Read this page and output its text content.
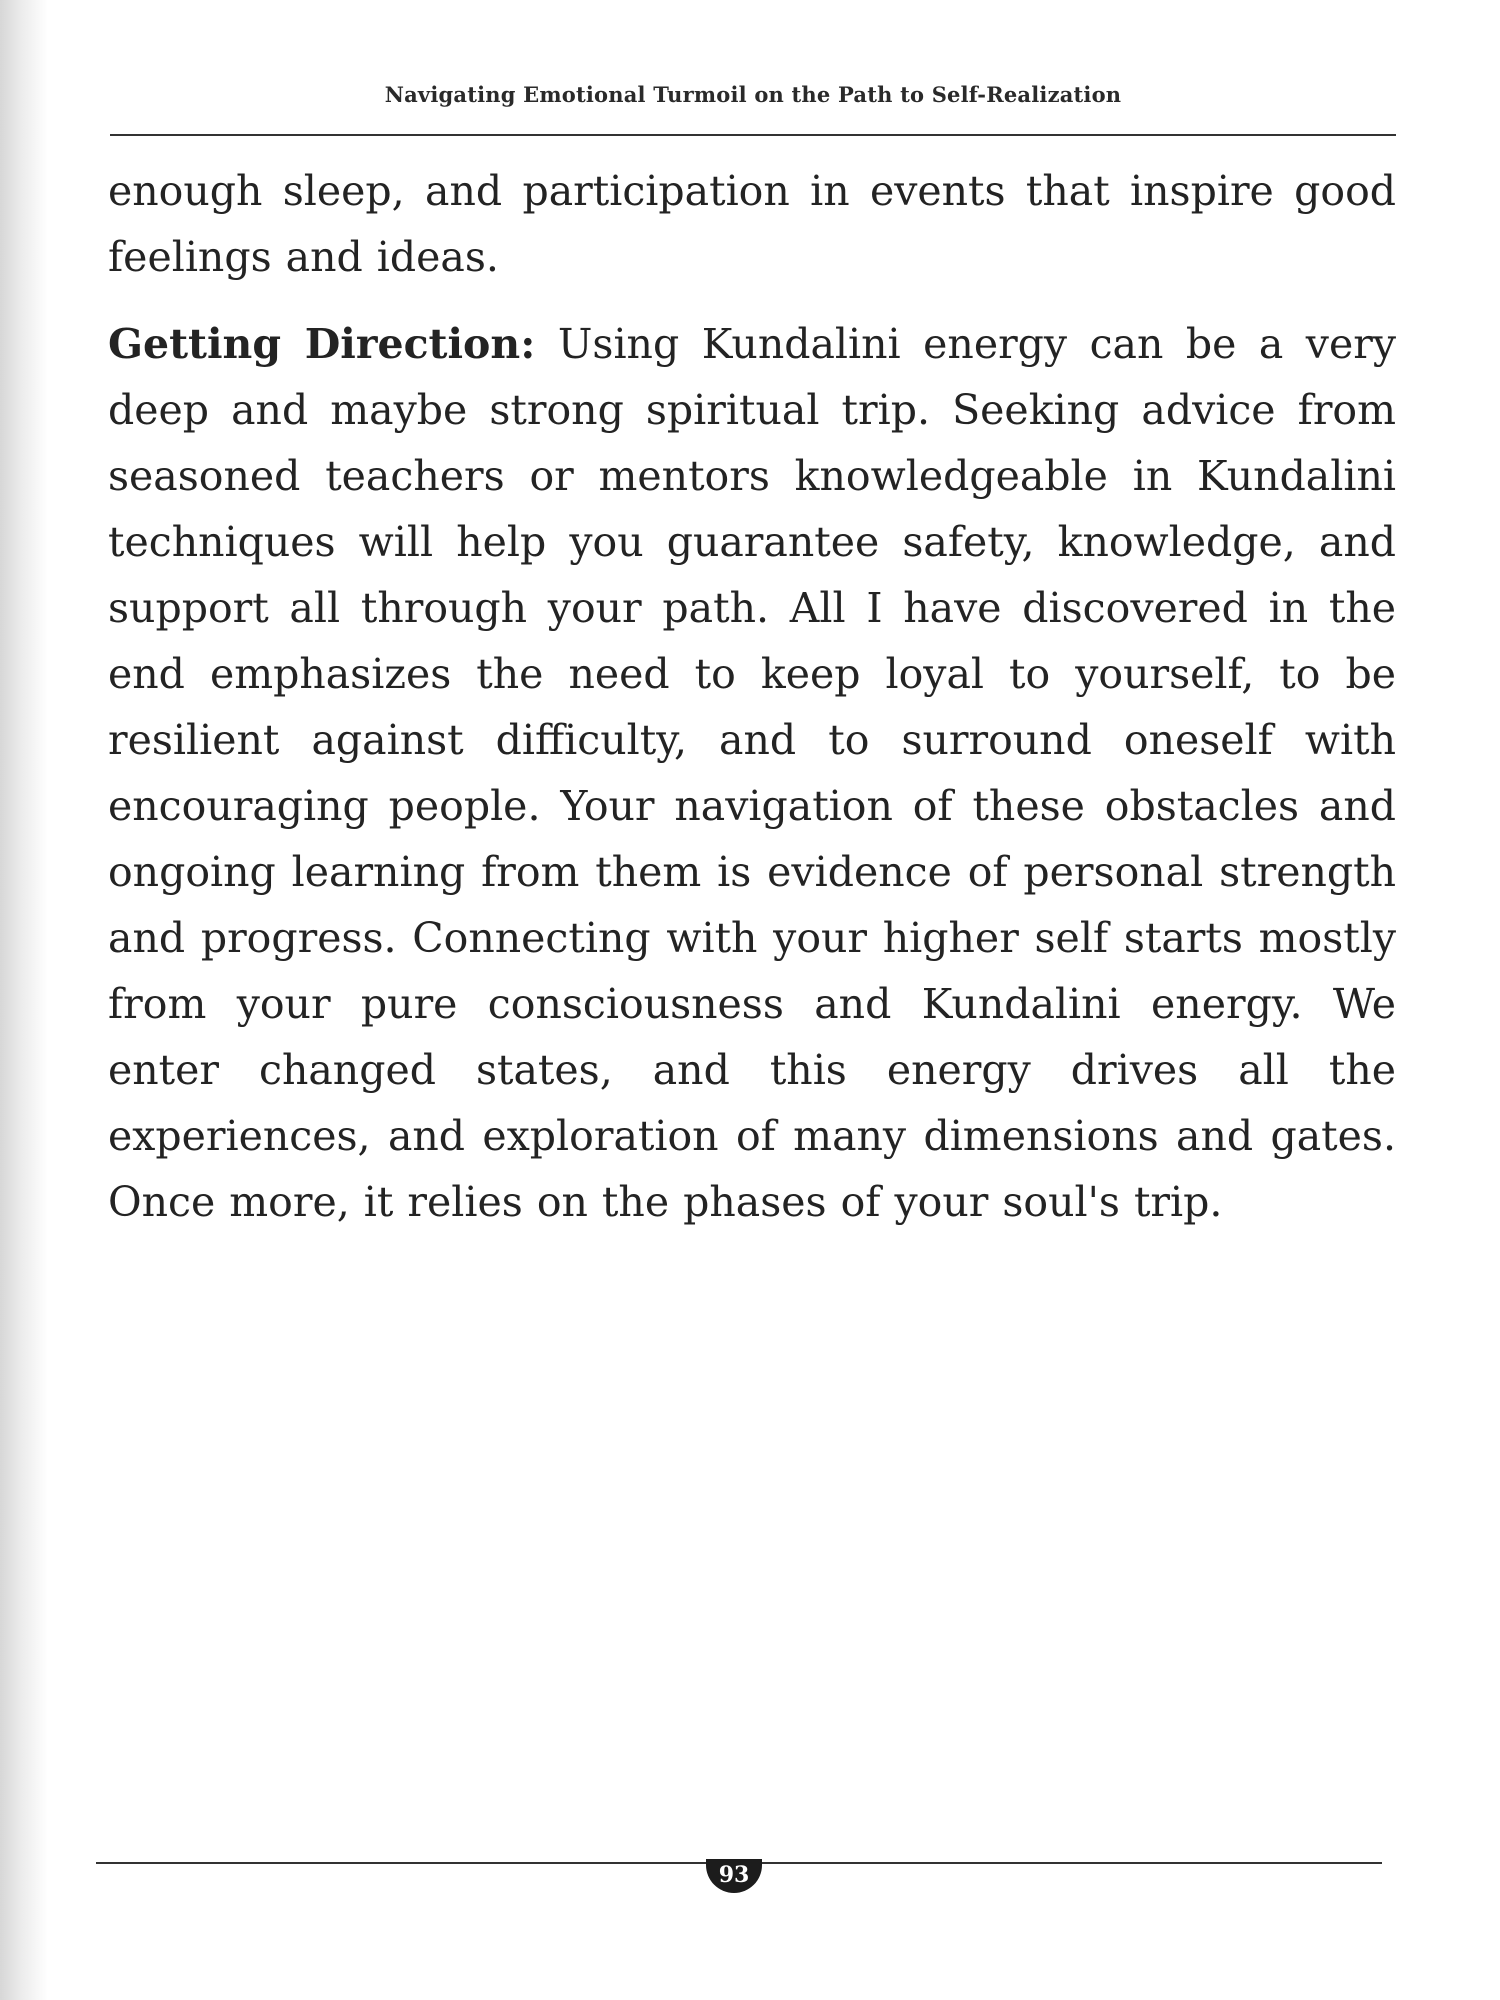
Navigating Emotional Turmoil on the Path to Self-Realization

enough sleep, and participation in events that inspire good feelings and ideas.

Getting Direction: Using Kundalini energy can be a very deep and maybe strong spiritual trip. Seeking advice from seasoned teachers or mentors knowledgeable in Kundalini techniques will help you guarantee safety, knowledge, and support all through your path. All I have discovered in the end emphasizes the need to keep loyal to yourself, to be resilient against difficulty, and to surround oneself with encouraging people. Your navigation of these obstacles and ongoing learning from them is evidence of personal strength and progress. Connecting with your higher self starts mostly from your pure consciousness and Kundalini energy. We enter changed states, and this energy drives all the experiences, and exploration of many dimensions and gates. Once more, it relies on the phases of your soul's trip.

93
